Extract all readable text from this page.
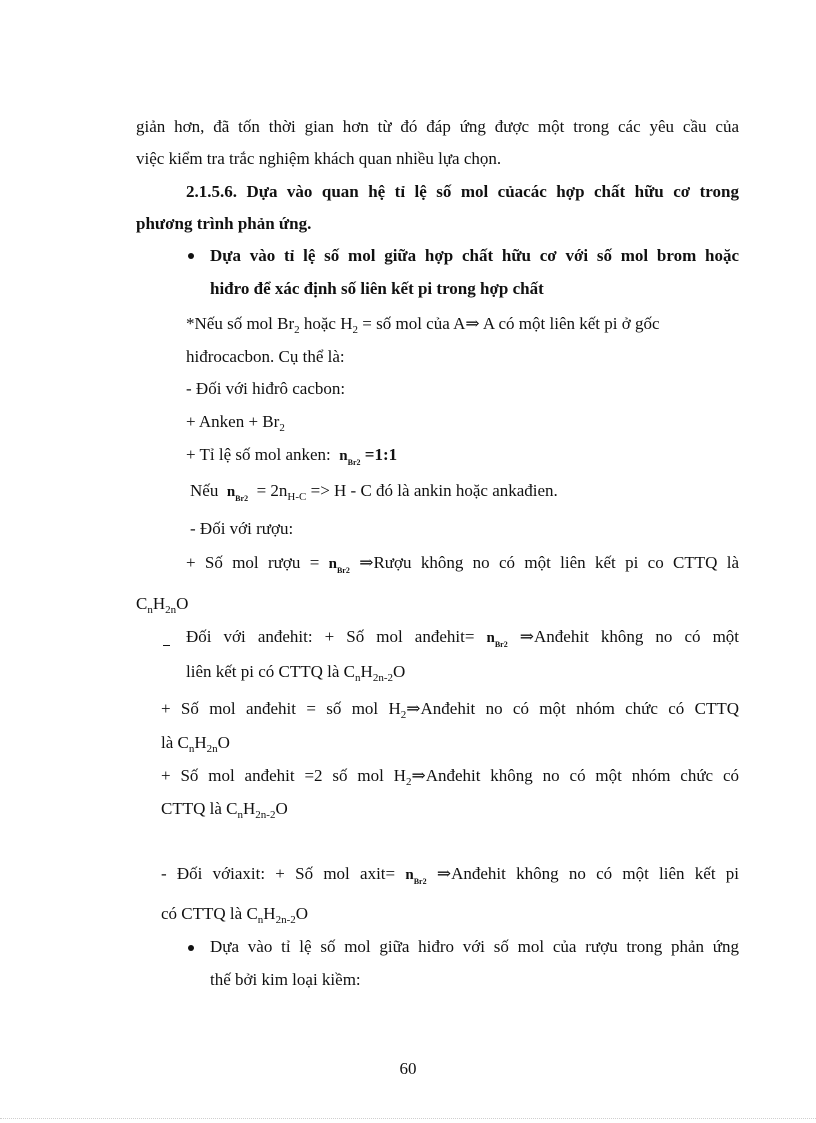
giản hơn, đã tốn thời gian hơn từ đó đáp ứng được một trong các yêu cầu của
việc kiểm tra trắc nghiệm khách quan nhiều lựa chọn.
2.1.5.6. Dựa vào quan hệ tỉ lệ số mol củacác hợp chất hữu cơ trong
phương trình phản ứng.
Dựa vào tỉ lệ số mol giữa hợp chất hữu cơ với số mol brom hoặc
hiđro để xác định số liên kết pi trong hợp chất
*Nếu số mol $Br_2$ hoặc $H_2$ = số mol của A⇒ A có một liên kết pi ở gốc
hiđrocacbon. Cụ thể là:
- Đối với hiđrô cacbon:
+ Anken + $Br_2$
+ Tỉ lệ số mol anken: $n_{Br2}$ =1:1
Nếu $n_{Br2} = 2n_{H-C} => H - C$ đó là ankin hoặc ankađien.
- Đối với rượu:
+ Số mol rượu = $n_{Br2}$ ⇒Rượu không no có một liên kết pi co CTTQ là
$C_nH_{2n}O$
Đối với anđehit: + Số mol anđehit= $n_{Br2}$ ⇒Anđehit không no có một
liên kết pi có CTTQ là $C_nH_{2n-2}O$
+ Số mol anđehit = số mol $H_2\Rightarrow Anđehit$ no có một nhóm chức có CTTQ
là $C_nH_{2n}O$
+ Số mol anđehit =2 số mol $H_2\Rightarrow Anđehit$ không no có một nhóm chức có
CTTQ là $C_nH_{2n-2}O$
- Đối vớiaxit: + Số mol axit= $n_{Br2}$ ⇒Anđehit không no có một liên kết pi
có CTTQ là $C_nH_{2n-2}O$
Dựa vào tỉ lệ số mol giữa hiđro với số mol của rượu trong phản ứng
thế bởi kim loại kiềm:
60
